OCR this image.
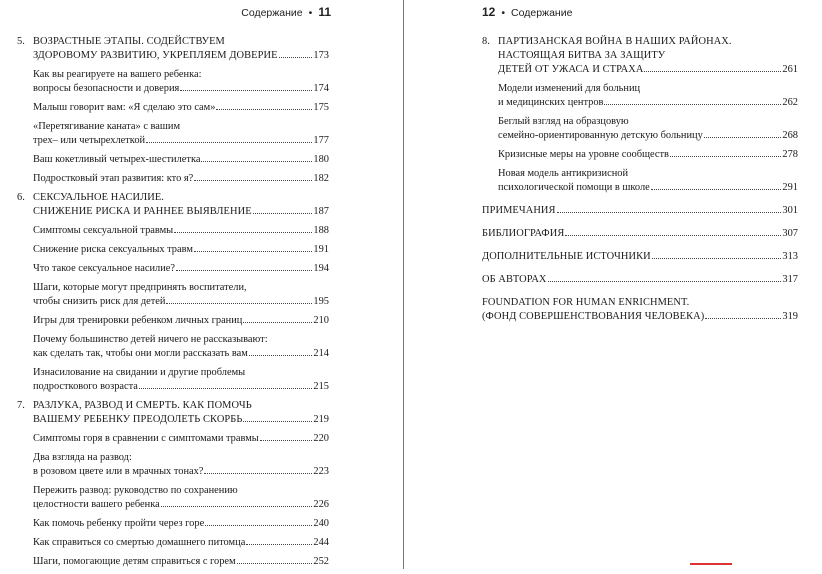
Содержание • 11
5. ВОЗРАСТНЫЕ ЭТАПЫ. СОДЕЙСТВУЕМ
ЗДОРОВОМУ РАЗВИТИЮ, УКРЕПЛЯЕМ ДОВЕРИЕ	173
Как вы реагируете на вашего ребенка:
вопросы безопасности и доверия	174
Малыш говорит вам: «Я сделаю это сам»	175
«Перетягивание каната» с вашим
трех– или четырехлеткой	177
Ваш кокетливый четырех-шестилетка	180
Подростковый этап развития: кто я?	182
6. СЕКСУАЛЬНОЕ НАСИЛИЕ.
СНИЖЕНИЕ РИСКА И РАННЕЕ ВЫЯВЛЕНИЕ	187
Симптомы сексуальной травмы	188
Снижение риска сексуальных травм	191
Что такое сексуальное насилие?	194
Шаги, которые могут предпринять воспитатели,
чтобы снизить риск для детей	195
Игры для тренировки ребенком личных границ	210
Почему большинство детей ничего не рассказывают:
как сделать так, чтобы они могли рассказать вам	214
Изнасилование на свидании и другие проблемы
подросткового возраста	215
7. РАЗЛУКА, РАЗВОД И СМЕРТЬ. КАК ПОМОЧЬ
ВАШЕМУ РЕБЕНКУ ПРЕОДОЛЕТЬ СКОРБЬ	219
Симптомы горя в сравнении с симптомами травмы	220
Два взгляда на развод:
в розовом цвете или в мрачных тонах?	223
Пережить развод: руководство по сохранению
целостности вашего ребенка	226
Как помочь ребенку пройти через горе	240
Как справиться со смертью домашнего питомца	244
Шаги, помогающие детям справиться с горем	252
12 • Содержание
8. ПАРТИЗАНСКАЯ ВОЙНА В НАШИХ РАЙОНАХ.
НАСТОЯЩАЯ БИТВА ЗА ЗАЩИТУ
ДЕТЕЙ ОТ УЖАСА И СТРАХА	261
Модели изменений для больниц
и медицинских центров	262
Беглый взгляд на образцовую
семейно-ориентированную детскую больницу	268
Кризисные меры на уровне сообществ	278
Новая модель антикризисной
психологической помощи в школе	291
ПРИМЕЧАНИЯ	301
БИБЛИОГРАФИЯ	307
ДОПОЛНИТЕЛЬНЫЕ ИСТОЧНИКИ	313
ОБ АВТОРАХ	317
FOUNDATION FOR HUMAN ENRICHMENT.
(ФОНД СОВЕРШЕНСТВОВАНИЯ ЧЕЛОВЕКА)	319
